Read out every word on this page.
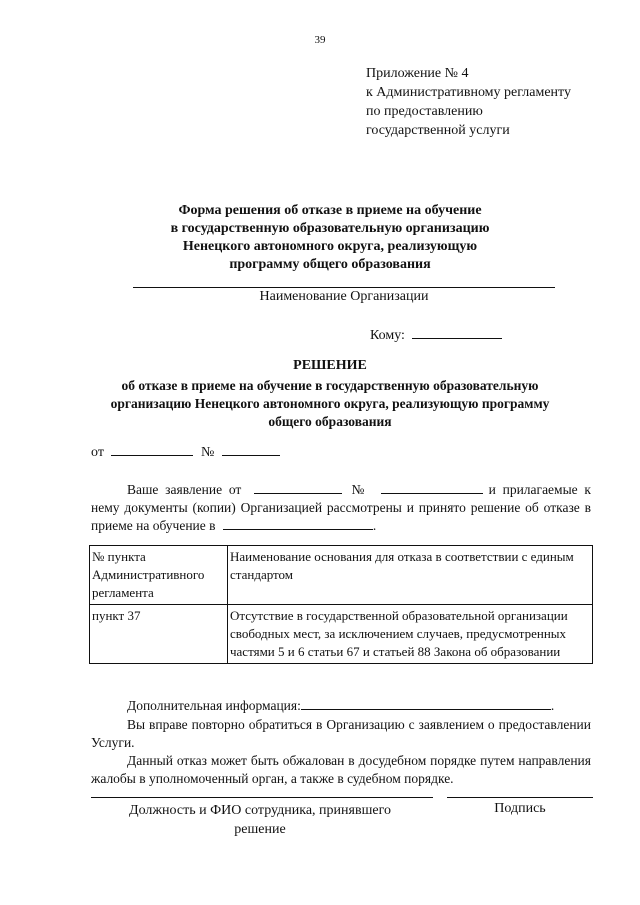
39
Приложение № 4
к Административному регламенту
по предоставлению
государственной услуги
Форма решения об отказе в приеме на обучение
в государственную образовательную организацию
Ненецкого автономного округа, реализующую
программу общего образования
Наименование Организации
Кому:
РЕШЕНИЕ
об отказе в приеме на обучение в государственную образовательную
организацию Ненецкого автономного округа, реализующую программу
общего образования
от	№
Ваше заявление от	№	и прилагаемые к нему документы (копии) Организацией рассмотрены и принято решение об отказе в приеме на обучение в	.
№ пункта Административного регламента	Наименование основания для отказа в соответствии с единым стандартом
пункт 37	Отсутствие в государственной образовательной организации свободных мест, за исключением случаев, предусмотренных частями 5 и 6 статьи 67 и статьей 88 Закона об образовании
Дополнительная информация:	.
Вы вправе повторно обратиться в Организацию с заявлением о предоставлении Услуги.
Данный отказ может быть обжалован в досудебном порядке путем направления жалобы в уполномоченный орган, а также в судебном порядке.
Должность и ФИО сотрудника, принявшего решение
Подпись
